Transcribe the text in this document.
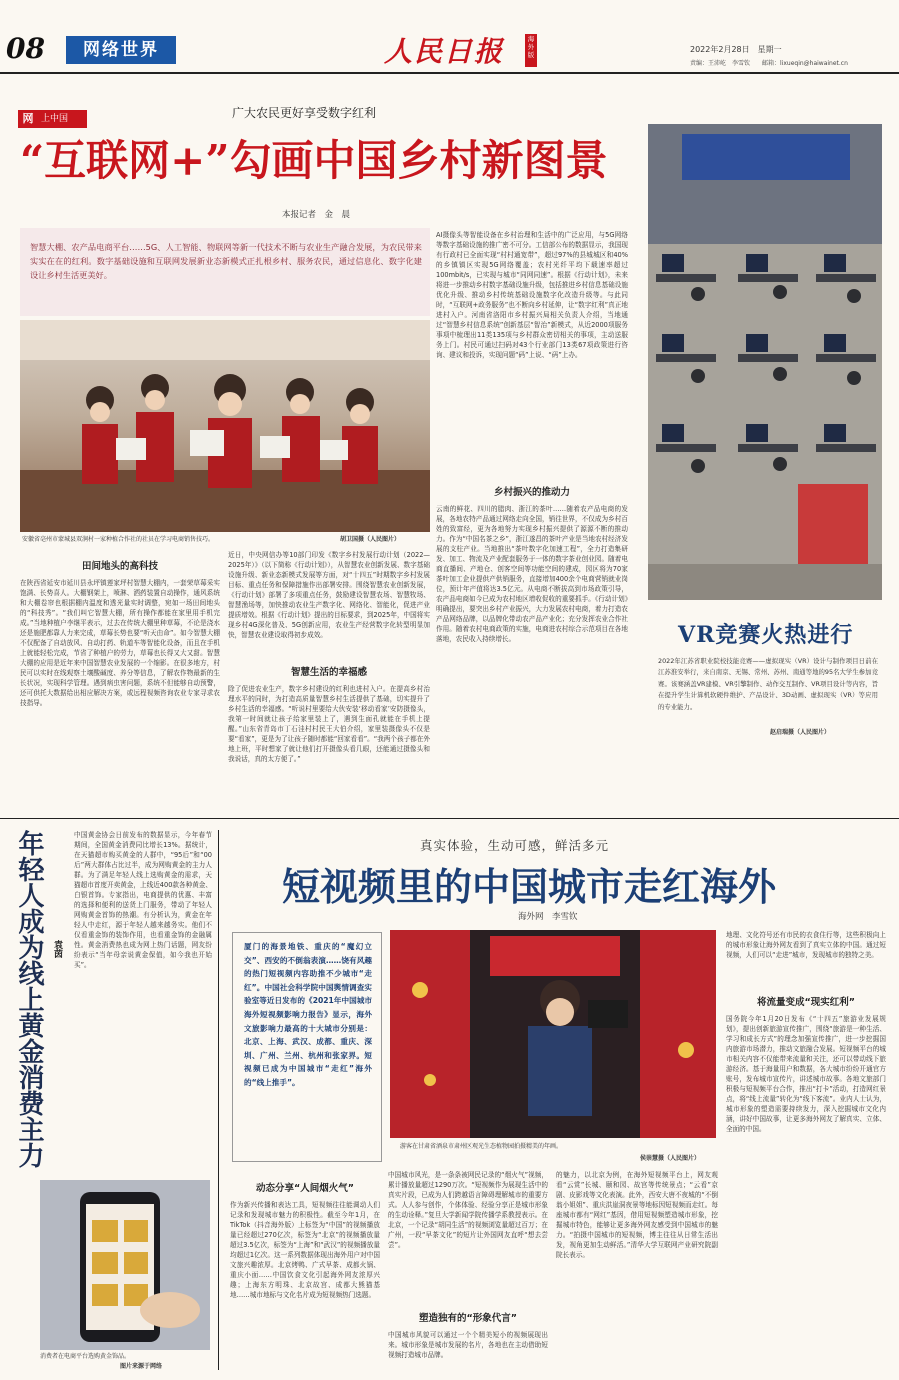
08	网络世界	人民日报	海外版
2022年2月28日　星期一
责编：王沛屹　李雪钦　　邮箱：lixueqin@haiwainet.cn
网 上中国	广大农民更好享受数字红利
“互联网+”勾画中国乡村新图景
本报记者　金　晨
智慧大棚、农产品电商平台……5G、人工智能、物联网等新一代技术不断与农业生产融合发展，为农民带来实实在在的红利。数字基础设施和互联网发展新业态新模式正扎根乡村、服务农民，通过信息化、数字化建设让乡村生活更美好。
安徽省亳州市蒙城县双涧村一家种植合作社的社员在学习电商销售技巧。	胡卫国摄（人民图片）
田间地头的高科技
在陕西省延安市延川县永坪镇莲家坪村智慧大棚内，一套荣草莓采实饱满、长势喜人。大棚钢架上，喷淋、洒药装置自动操作，通风系统和大棚卷帘也根据棚内温度和透光量实时调整，宛如一场田间地头的“科技秀”。“我们叫它智慧大棚，所有操作都能在家里用手机完成。”当地种植户李继平表示，过去在传统大棚里种草莓，不论是浇水还是施肥都靠人力来完成，草莓长势也要“听天由命”。如今智慧大棚不仅配备了自动放风、自动打药、轨道车等智能化设备，而且在手机上就能轻松完成，节省了种植户的劳力，草莓也长得又大又甜。智慧大棚的应用是近年来中国智慧农业发展的一个缩影。在很多地方，村民可以实时在线观察土壤酸碱度、养分等信息，了解农作物最新的生长状况，实现科学管理。遇到病虫害问题，系统不但能够自动预警，还可供托大数据给出相应解决方案，或远程视频咨询农业专家寻求农技指导。
近日，中央网信办等10部门印发《数字乡村发展行动计划（2022—2025年）》（以下简称《行动计划》），从智慧农业创新发展、数字基础设施升级、新业态新模式发展等方面，对“十四五”时期数字乡村发展目标、重点任务和保障措施作出部署安排。围绕智慧农业创新发展，《行动计划》部署了多项重点任务，鼓励建设智慧农场、智慧牧场、智慧渔场等，加快推动农业生产数字化、网络化、智能化，促进产业提质增效。根据《行动计划》提出的目标要求，到2025年，中国将实现乡村4G深化普及、5G创新应用，农业生产经营数字化转型明显加快，智慧农业建设取得初步成效。
智慧生活的幸福感
除了促进农业生产，数字乡村建设的红利也进村入户。在提高乡村治理水平的同时，为打造高质量智慧乡村生活提供了基础，切实提升了乡村生活的幸福感。“听说村里要给大伙安装‘移动看家’安防摄像头，我第一时间就让孩子给家里装上了，遇到生面孔就能在手机上提醒。”山东省青岛市丁石洼村村民王大伯介绍，家里装摄像头不仅是要“看家”，更是为了让孩子随时都能“回家看看”。“我两个孩子都在外地上班，平时想家了就让他们打开摄像头看几眼，还能通过摄像头和我说话，真的太方便了。”
AI摄像头等智能设备在乡村治理和生活中的广泛应用，与5G网络等数字基础设施的推广密不可分。工信部公布的数据显示，我国现有行政村已全面实现“村村通宽带”，超过97%的县城城区和40%的乡镇镇区实现5G网络覆盖；农村光纤平均下载速率超过100mbit/s，已实现与城市“同网同速”。根据《行动计划》，未来将进一步推动乡村数字基础设施升级，包括推进乡村信息基础设施优化升级、推动乡村传统基础设施数字化改造升级等。与此同时，“互联网+政务服务”也不断向乡村延伸，让“数字红利”真正地进村入户。河南省洛阳市乡村振兴局相关负责人介绍，当地通过“智慧乡村信息系统”创新基层“智治”新模式，从近2000项服务事项中梳理出11类135项与乡村群众密切相关的事项，主动送服务上门。村民可通过扫码对43个行业部门13类67项政策进行咨询、建议和投诉，实现问题“码”上说、“码”上办。
乡村振兴的推动力
云南的鲜花、四川的腊肉、浙江的茶叶……随着农产品电商的发展，各地农特产品通过网络走向全国，销往世界，不仅成为乡村百姓的致富经，更为各地努力实现乡村振兴提供了源源不断的推动力。作为“中国名茶之乡”，浙江遂昌的茶叶产业是当地农村经济发展的支柱产业。当地推出“茶叶数字化加速工程”，全力打造集研发、加工、物流及产业配套服务于一体的数字茶业创业园。随着电商直播间、产地仓、创客空间等功能空间的建成，园区将为70家茶叶加工企业提供产供销服务，直接增加400余个电商营销就业岗位，预计年产值将达3.5亿元。从电商不断拔高到市场政策引导，农产品电商如今已成为农村地区增收促收的重要抓手。《行动计划》明确提出，要突出乡村产业振兴，大力发展农村电商，着力打造农产品网络品牌，以品牌化带动农产品产业化；充分发挥农业合作社作用。随着农村电商政策的实施，电商进农村综合示范项目在各地落地，农民收入持续增长。	VR竞赛火热进行
2022年江苏省职业院校技能竞赛——虚拟现实（VR）设计与制作项目日前在江苏淮安举行，来自南京、无锡、常州、苏州、南通等地的95名大学生参加竞赛。该赛涵盖VR建模、VR引擎制作、动作交互制作、VR项目设计等内容，旨在提升学生计算机软硬件维护、产品设计、3D动画、虚拟现实（VR）等应用的专业能力。
赵启瑞摄（人民图片）
年轻人成为线上黄金消费主力 袁茵
中国黄金协会日前发布的数据显示，今年春节期间，全国黄金消费同比增长13%。据统计，在天猫超市购买黄金的人群中，“95后”和“00后”两大群体占比过半，成为网购黄金的主力人群。为了满足年轻人线上选购黄金的需求，天猫超市首度开卖黄金，上线近400款各种黄金、白银首饰。专家指出，电商提供的优惠、丰富的选择和便利的送货上门服务，带动了年轻人网购黄金首饰的热潮。有分析认为，黄金在年轻人中走红，源于年轻人越来越务实。他们不仅看重金饰的装饰作用，也看重金饰的金融属性。黄金消费热也成为网上热门话题，网友纷纷表示“当年母亲说黄金保值，如今我也开始买”。
消费者在电商平台选购黄金饰品。
图片来源于网络
真实体验，生动可感，鲜活多元
短视频里的中国城市走红海外
海外网　李雪钦
厦门的海景地铁、重庆的“魔幻立交”、西安的不倒翁表演……饶有风趣的热门短视频内容助推不少城市“走红”。中国社会科学院中国舆情调查实验室等近日发布的《2021年中国城市海外短视频影响力报告》显示，海外文旅影响力最高的十大城市分别是：北京、上海、武汉、成都、重庆、深圳、广州、兰州、杭州和张家界。短视频已成为中国城市“走红”海外的“线上推手”。
动态分享“人间烟火气”
作为新兴传播和表达工具，短视频往往能调动人们记录和发现城市魅力的积极性。截至今年1月，在TikTok（抖音海外版）上标签为“中国”的视频播放量已经超过270亿次，标签为“北京”的视频播放量超过3.5亿次，标签为“上海”和“武汉”的视频播放量均超过1亿次。这一系列数据体现出海外用户对中国文旅兴趣浓厚。北京烤鸭、广式早茶、成都火锅、重庆小面……中国饮食文化引起海外网友浓厚兴趣；上海东方明珠、北京故宫、成都大熊猫基地……城市地标与文化名片成为短视频热门选题。
游客在甘肃省酒泉市肃州区观光生态植物园拍摄精美的年画。
侯崇慧摄（人民图片）
中国城市风光，是一条条被网民记录的“烟火气”视频，累计播放量超过1290万次。“短视频作为展现生活中的真实片段，已成为人们跨越语言障碍理解城市的重要方式。人人参与创作，个体体验、经验分享正是城市形象的生动诠释。”复旦大学新闻学院传播学系教授表示。在北京，一个记录“胡同生活”的视频浏览量超过百万；在广州，一段“早茶文化”的短片让外国网友直呼“想去尝尝”。
塑造独有的“形象代言”
中国城市风貌可以通过一个个精美短小的视频展现出来。城市形象是城市发展的名片，各地也在主动借助短视频打造城市品牌。
的魅力，以北京为例，在海外短视频平台上，网友观看“云赏”长城、颐和园、故宫等传统景点；“云看”京剧、皮影戏等文化表演。此外，西安大唐不夜城的“不倒翁小姐姐”、重庆洪崖洞夜景等地标因短视频而走红。每座城市都有“网红”基因，借用短视频塑造城市形象，挖掘城市特色，能够让更多海外网友感受到中国城市的魅力。“拍摄中国城市的短视频，博主往往从日常生活出发，视角更加生动鲜活。”清华大学互联网产业研究院副院长表示。
地理、文化符号还有市民的衣食住行等，这些积极向上的城市形象让海外网友看到了真实立体的中国。通过短视频，人们可以“走进”城市，发现城市的独特之美。
将流量变成“现实红利”
国务院今年1月20日发布《“十四五”旅游业发展规划》，提出创新旅游宣传推广，围绕“旅游是一种生活、学习和成长方式”的理念加强宣传推广，进一步挖掘国内旅游市场潜力，推动文旅融合发展。短视频平台的城市相关内容不仅能带来流量和关注，还可以带动线下旅游经济。基于海量用户和数据，各大城市纷纷开通官方账号，发布城市宣传片，讲述城市故事。各地文旅部门积极与短视频平台合作，推出“打卡”活动，打造网红景点，将“线上流量”转化为“线下客流”。业内人士认为，城市形象的塑造需要持续发力，深入挖掘城市文化内涵，讲好中国故事，让更多海外网友了解真实、立体、全面的中国。
